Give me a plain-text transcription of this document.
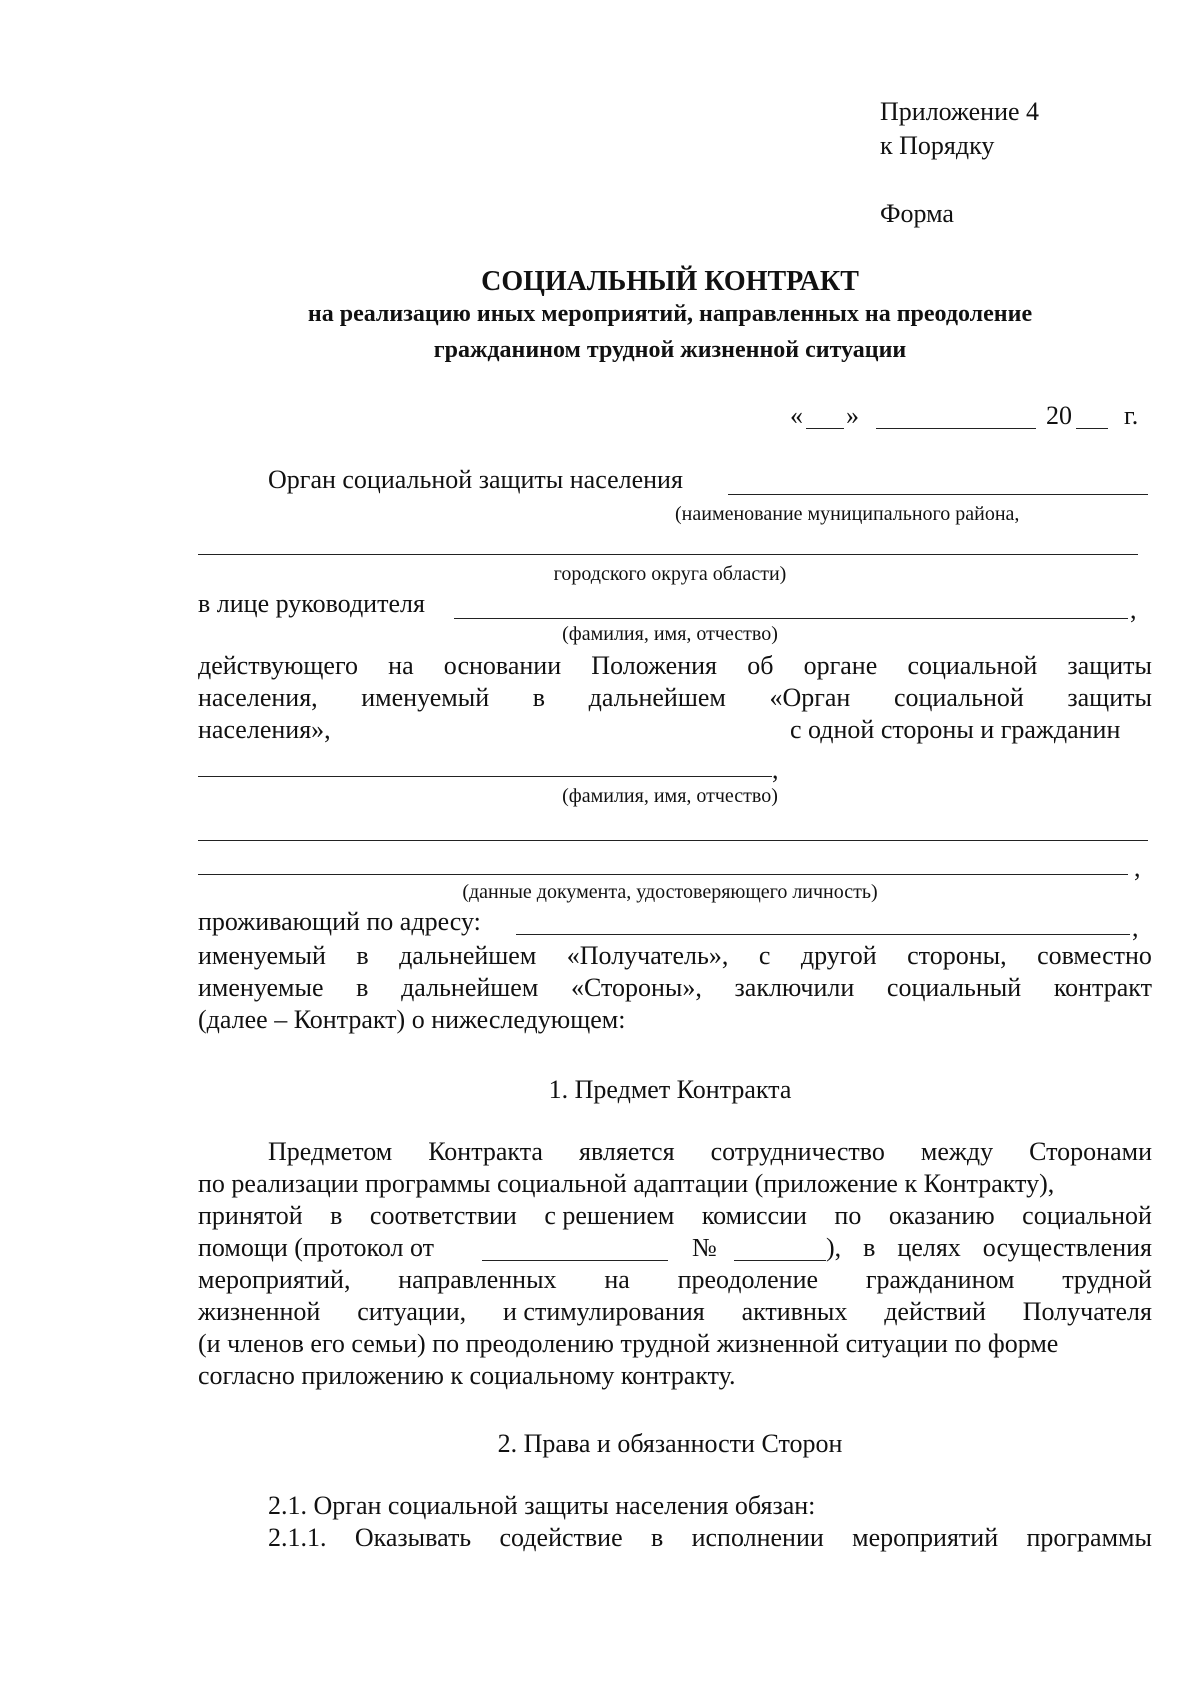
Приложение 4
к Порядку
Форма
СОЦИАЛЬНЫЙ КОНТРАКТ
на реализацию иных мероприятий, направленных на преодоление
гражданином трудной жизненной ситуации
« »	20 г.
Орган социальной защиты населения
(наименование муниципального района,
городского округа области)
в лице руководителя	,
(фамилия, имя, отчество)
действующего на основании Положения об органе социальной защиты
населения, именуемый в дальнейшем «Орган социальной защиты
населения»,	с одной стороны и гражданин
,
(фамилия, имя, отчество)
,
(данные документа, удостоверяющего личность)
проживающий по адресу:	,
именуемый в дальнейшем «Получатель», с другой стороны, совместно
именуемые в дальнейшем «Стороны», заключили социальный контракт
(далее – Контракт) о нижеследующем:
1. Предмет Контракта
Предметом Контракта является сотрудничество между Сторонами
по реализации программы социальной адаптации (приложение к Контракту),
принятой в соответствии с решением комиссии по оказанию социальной
помощи (протокол от	№	), в целях осуществления
мероприятий, направленных на преодоление гражданином трудной
жизненной ситуации, и стимулирования активных действий Получателя
(и членов его семьи) по преодолению трудной жизненной ситуации по форме
согласно приложению к социальному контракту.
2. Права и обязанности Сторон
2.1. Орган социальной защиты населения обязан:
2.1.1. Оказывать содействие в исполнении мероприятий программы
